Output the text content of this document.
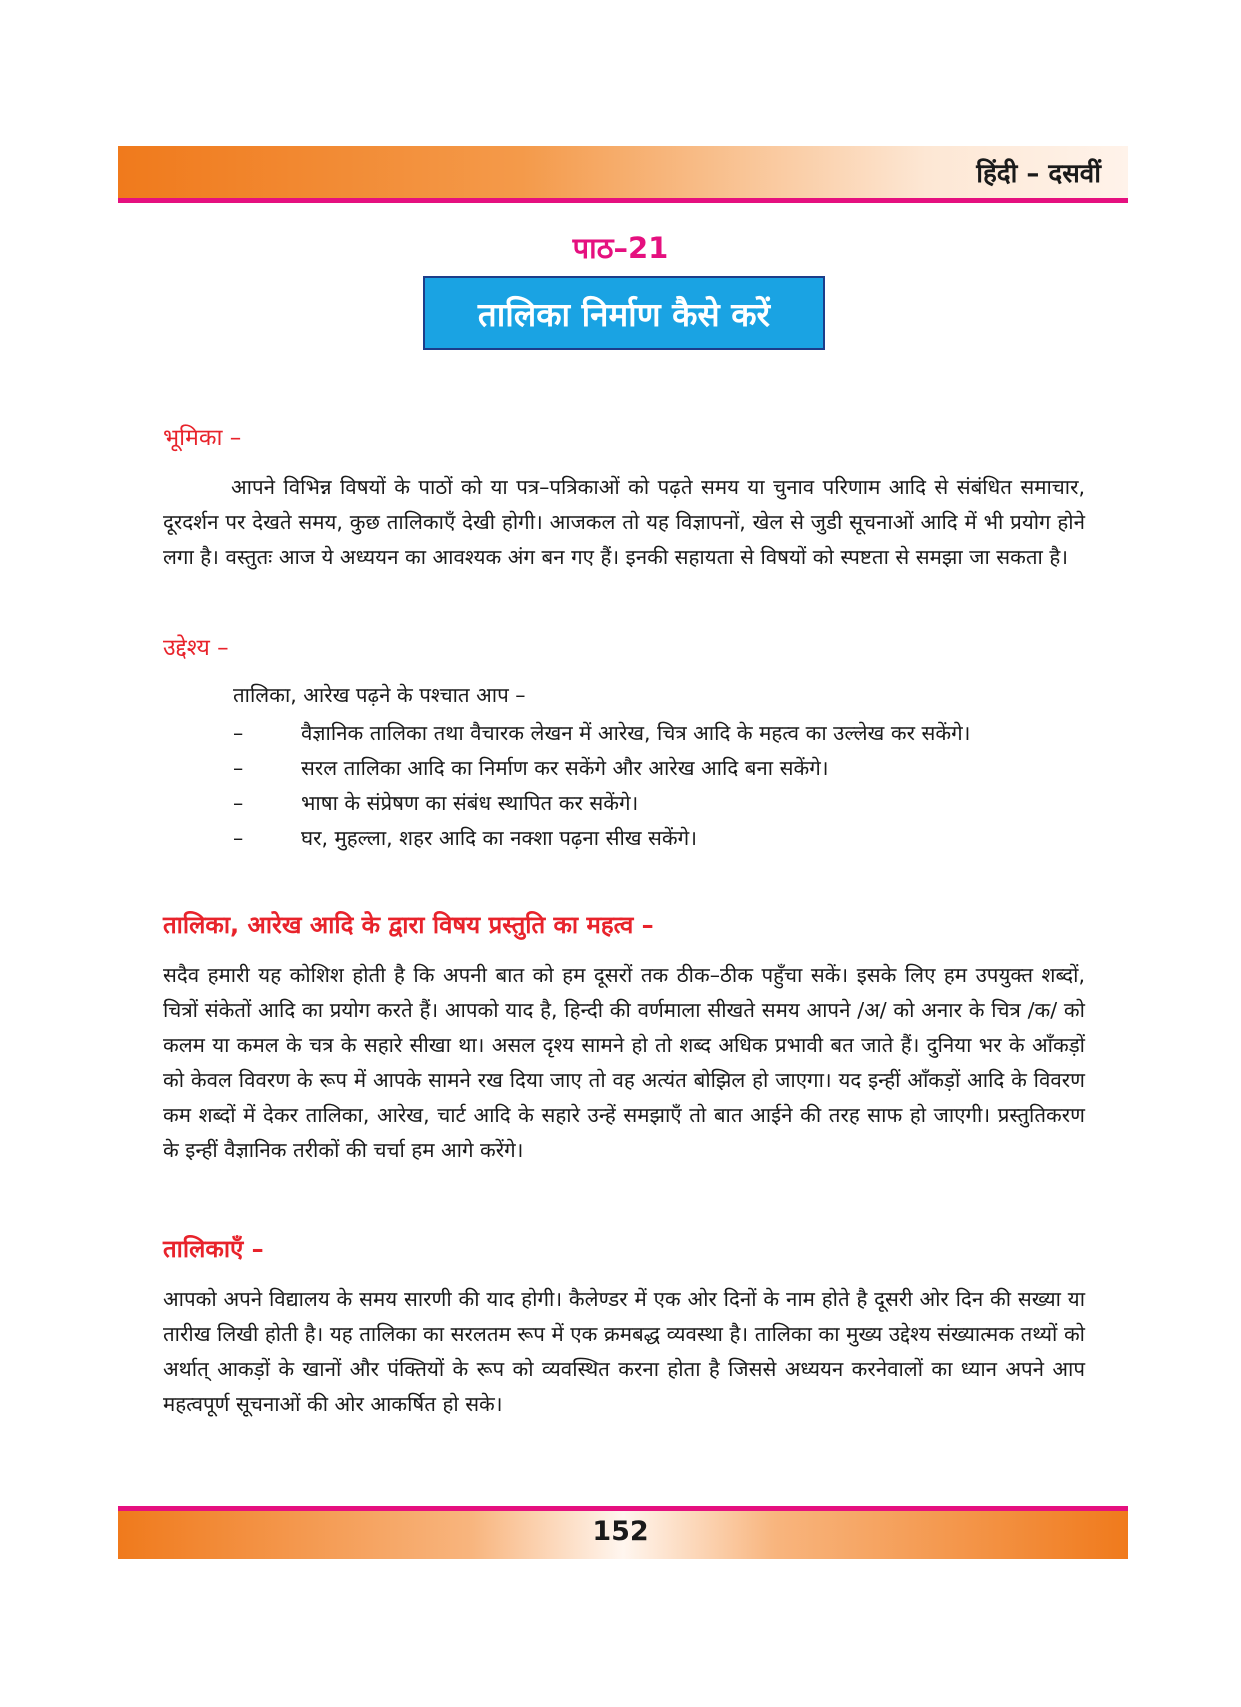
हिंदी – दसवीं
पाठ–21
तालिका निर्माण कैसे करें
भूमिका –

आपने विभिन्न विषयों के पाठों को या पत्र–पत्रिकाओं को पढ़ते समय या चुनाव परिणाम आदि से संबंधित समाचार, दूरदर्शन पर देखते समय, कुछ तालिकाएँ देखी होगी। आजकल तो यह विज्ञापनों, खेल से जुडी सूचनाओं आदि में भी प्रयोग होने लगा है। वस्तुतः आज ये अध्ययन का आवश्यक अंग बन गए हैं। इनकी सहायता से विषयों को स्पष्टता से समझा जा सकता है।

उद्देश्य –
तालिका, आरेख पढ़ने के पश्चात आप –
–	वैज्ञानिक तालिका तथा वैचारक लेखन में आरेख, चित्र आदि के महत्व का उल्लेख कर सकेंगे।
–	सरल तालिका आदि का निर्माण कर सकेंगे और आरेख आदि बना सकेंगे।
–	भाषा के संप्रेषण का संबंध स्थापित कर सकेंगे।
–	घर, मुहल्ला, शहर आदि का नक्शा पढ़ना सीख सकेंगे।
तालिका, आरेख आदि के द्वारा विषय प्रस्तुति का महत्व –

सदैव हमारी यह कोशिश होती है कि अपनी बात को हम दूसरों तक ठीक–ठीक पहुँचा सकें। इसके लिए हम उपयुक्त शब्दों, चित्रों संकेतों आदि का प्रयोग करते हैं। आपको याद है, हिन्दी की वर्णमाला सीखते समय आपने /अ/ को अनार के चित्र /क/ को कलम या कमल के चत्र के सहारे सीखा था। असल दृश्य सामने हो तो शब्द अधिक प्रभावी बत जाते हैं। दुनिया भर के आँकड़ों को केवल विवरण के रूप में आपके सामने रख दिया जाए तो वह अत्यंत बोझिल हो जाएगा। यद इन्हीं आँकड़ों आदि के विवरण कम शब्दों में देकर तालिका, आरेख, चार्ट आदि के सहारे उन्हें समझाएँ तो बात आईने की तरह साफ हो जाएगी। प्रस्तुतिकरण के इन्हीं वैज्ञानिक तरीकों की चर्चा हम आगे करेंगे।

तालिकाएँ –

आपको अपने विद्यालय के समय सारणी की याद होगी। कैलेण्डर में एक ओर दिनों के नाम होते है दूसरी ओर दिन की सख्या या तारीख लिखी होती है। यह तालिका का सरलतम रूप में एक क्रमबद्ध व्यवस्था है। तालिका का मुख्य उद्देश्य संख्यात्मक तथ्यों को अर्थात् आकड़ों के खानों और पंक्तियों के रूप को व्यवस्थित करना होता है जिससे अध्ययन करनेवालों का ध्यान अपने आप महत्वपूर्ण सूचनाओं की ओर आकर्षित हो सके।

152
